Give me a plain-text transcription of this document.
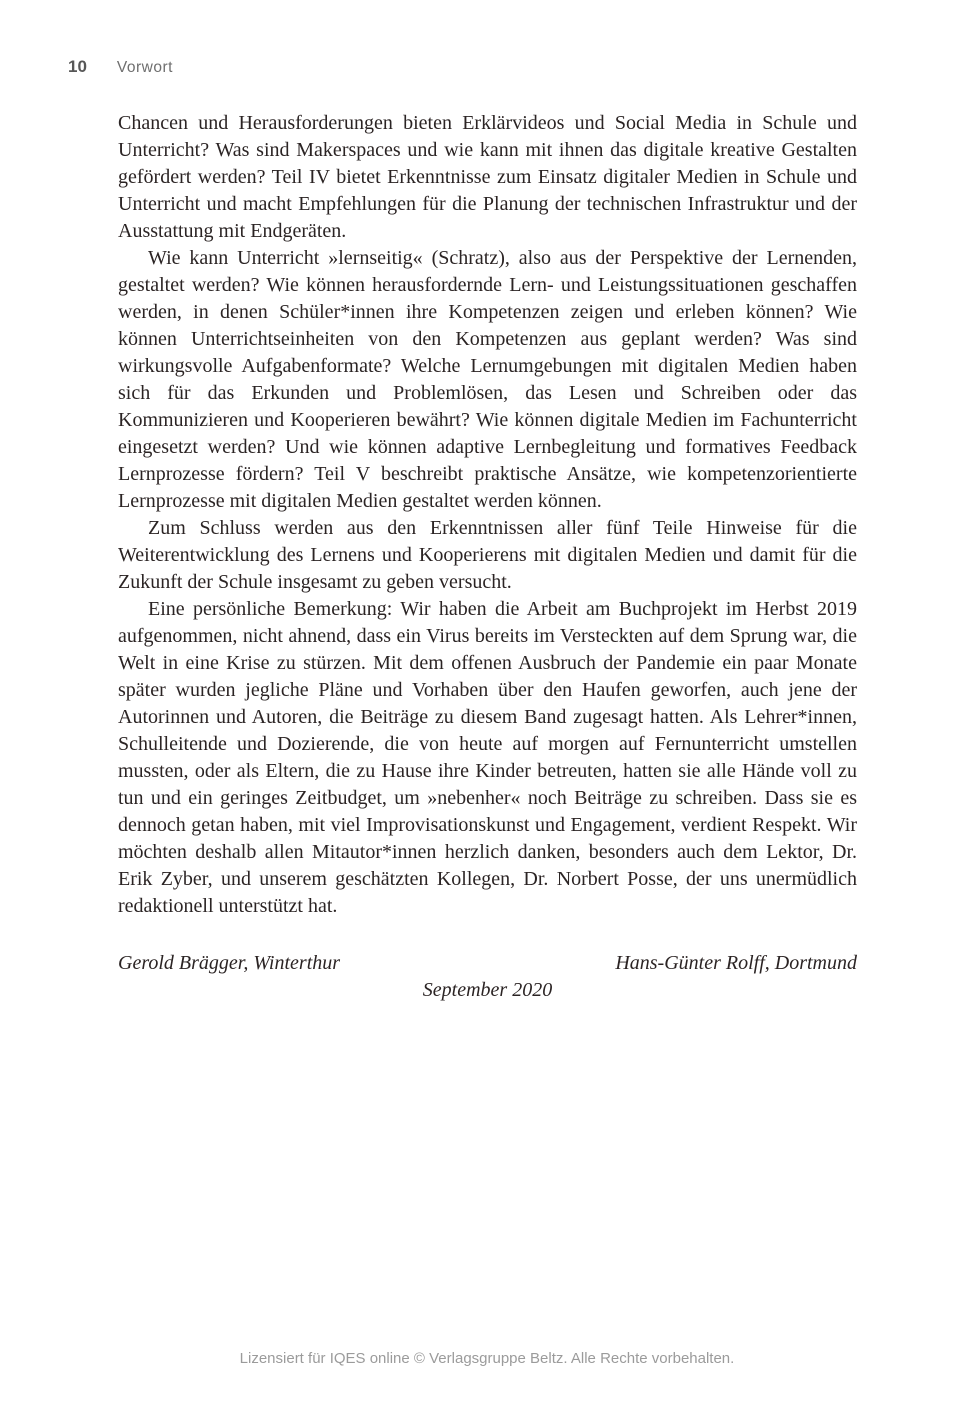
10 Vorwort

Chancen und Herausforderungen bieten Erklärvideos und Social Media in Schule und Unterricht? Was sind Makerspaces und wie kann mit ihnen das digitale kreative Gestalten gefördert werden? Teil IV bietet Erkenntnisse zum Einsatz digitaler Medien in Schule und Unterricht und macht Empfehlungen für die Planung der technischen Infrastruktur und der Ausstattung mit Endgeräten.

Wie kann Unterricht »lernseitig« (Schratz), also aus der Perspektive der Lernenden, gestaltet werden? Wie können herausfordernde Lern- und Leistungssituationen geschaffen werden, in denen Schüler*innen ihre Kompetenzen zeigen und erleben können? Wie können Unterrichtseinheiten von den Kompetenzen aus geplant werden? Was sind wirkungsvolle Aufgabenformate? Welche Lernumgebungen mit digitalen Medien haben sich für das Erkunden und Problemlösen, das Lesen und Schreiben oder das Kommunizieren und Kooperieren bewährt? Wie können digitale Medien im Fachunterricht eingesetzt werden? Und wie können adaptive Lernbegleitung und formatives Feedback Lernprozesse fördern? Teil V beschreibt praktische Ansätze, wie kompetenzorientierte Lernprozesse mit digitalen Medien gestaltet werden können.

Zum Schluss werden aus den Erkenntnissen aller fünf Teile Hinweise für die Weiterentwicklung des Lernens und Kooperierens mit digitalen Medien und damit für die Zukunft der Schule insgesamt zu geben versucht.

Eine persönliche Bemerkung: Wir haben die Arbeit am Buchprojekt im Herbst 2019 aufgenommen, nicht ahnend, dass ein Virus bereits im Versteckten auf dem Sprung war, die Welt in eine Krise zu stürzen. Mit dem offenen Ausbruch der Pandemie ein paar Monate später wurden jegliche Pläne und Vorhaben über den Haufen geworfen, auch jene der Autorinnen und Autoren, die Beiträge zu diesem Band zugesagt hatten. Als Lehrer*innen, Schulleitende und Dozierende, die von heute auf morgen auf Fernunterricht umstellen mussten, oder als Eltern, die zu Hause ihre Kinder betreuten, hatten sie alle Hände voll zu tun und ein geringes Zeitbudget, um »nebenher« noch Beiträge zu schreiben. Dass sie es dennoch getan haben, mit viel Improvisationskunst und Engagement, verdient Respekt. Wir möchten deshalb allen Mitautor*innen herzlich danken, besonders auch dem Lektor, Dr. Erik Zyber, und unserem geschätzten Kollegen, Dr. Norbert Posse, der uns unermüdlich redaktionell unterstützt hat.

Gerold Brägger, Winterthur	Hans-Günter Rolff, Dortmund
September 2020
Lizensiert für IQES online © Verlagsgruppe Beltz. Alle Rechte vorbehalten.
